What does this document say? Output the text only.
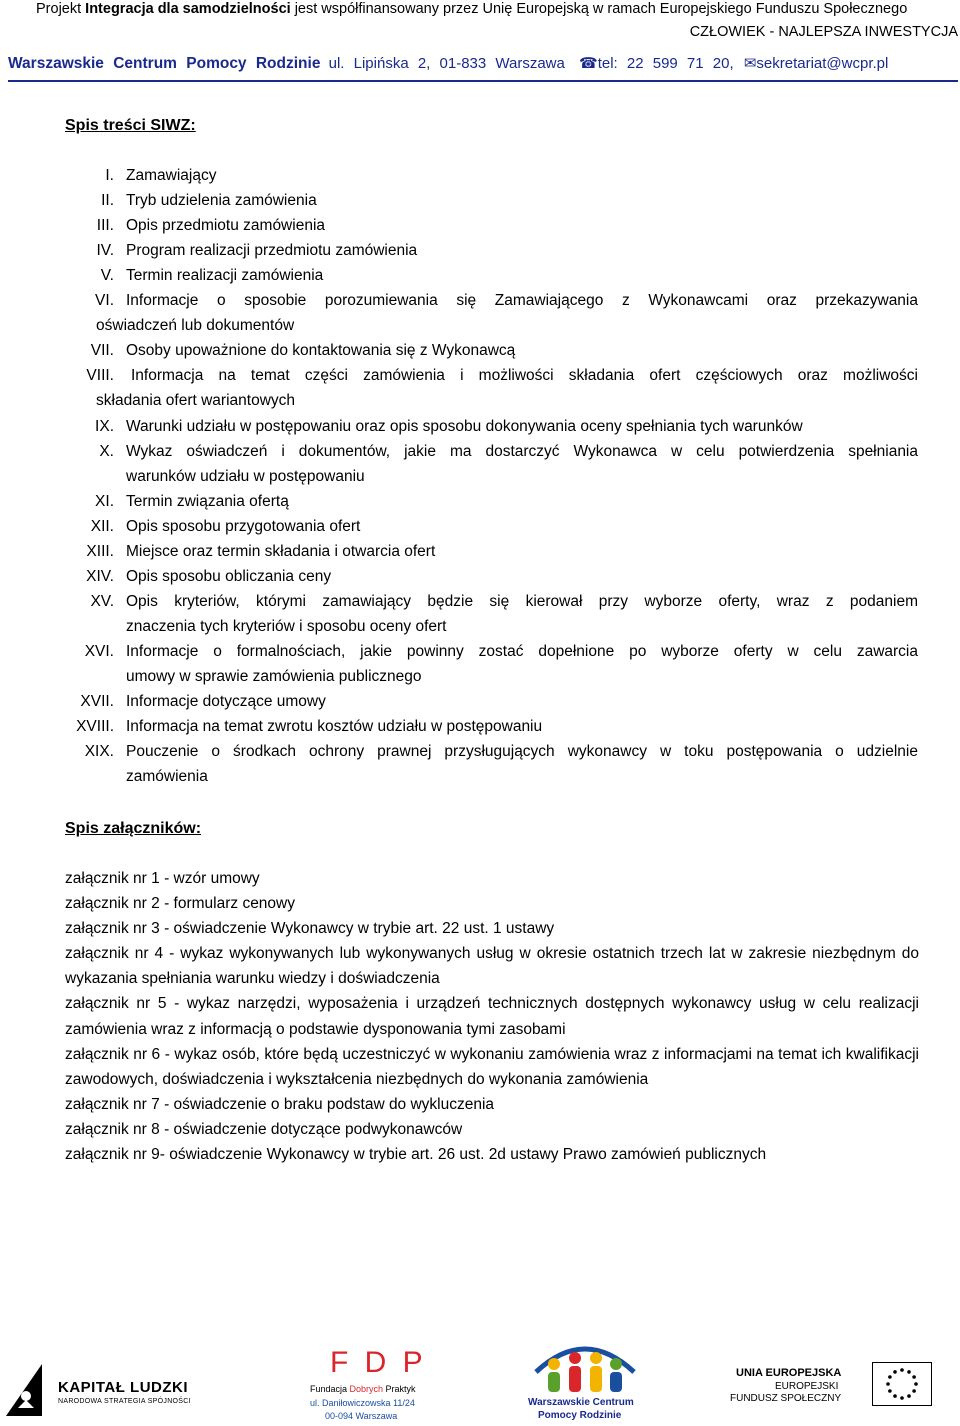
Projekt Integracja dla samodzielności jest współfinansowany przez Unię Europejską w ramach Europejskiego Funduszu Społecznego
CZŁOWIEK - NAJLEPSZA INWESTYCJA
Warszawskie Centrum Pomocy Rodzinie ul. Lipińska 2, 01-833 Warszawa ☎tel: 22 599 71 20, ✉sekretariat@wcpr.pl
Spis treści SIWZ:
I. Zamawiający
II. Tryb udzielenia zamówienia
III. Opis przedmiotu zamówienia
IV. Program realizacji przedmiotu zamówienia
V. Termin realizacji zamówienia
VI. Informacje o sposobie porozumiewania się Zamawiającego z Wykonawcami oraz przekazywania
oświadczeń lub dokumentów
VII. Osoby upoważnione do kontaktowania się z Wykonawcą
VIII. Informacja na temat części zamówienia i możliwości składania ofert częściowych oraz możliwości
składania ofert wariantowych
IX. Warunki udziału w postępowaniu oraz opis sposobu dokonywania oceny spełniania tych warunków
X. Wykaz oświadczeń i dokumentów, jakie ma dostarczyć Wykonawca w celu potwierdzenia spełniania
warunków udziału w postępowaniu
XI. Termin związania ofertą
XII. Opis sposobu przygotowania ofert
XIII. Miejsce oraz termin składania i otwarcia ofert
XIV. Opis sposobu obliczania ceny
XV. Opis kryteriów, którymi zamawiający będzie się kierował przy wyborze oferty, wraz z podaniem
znaczenia tych kryteriów i sposobu oceny ofert
XVI. Informacje o formalnościach, jakie powinny zostać dopełnione po wyborze oferty w celu zawarcia
umowy w sprawie zamówienia publicznego
XVII. Informacje dotyczące umowy
XVIII. Informacja na temat zwrotu kosztów udziału w postępowaniu
XIX. Pouczenie o środkach ochrony prawnej przysługujących wykonawcy w toku postępowania o udzielnie
zamówienia
Spis załączników:

załącznik nr 1 - wzór umowy

załącznik nr 2 - formularz cenowy

załącznik nr 3 - oświadczenie Wykonawcy w trybie art. 22 ust. 1 ustawy

załącznik nr 4 - wykaz wykonywanych lub wykonywanych usług w okresie ostatnich trzech lat w zakresie niezbędnym do wykazania spełniania warunku wiedzy i doświadczenia

załącznik nr 5 - wykaz narzędzi, wyposażenia i urządzeń technicznych dostępnych wykonawcy usług w celu realizacji zamówienia wraz z informacją o podstawie dysponowania tymi zasobami

załącznik nr 6 - wykaz osób, które będą uczestniczyć w wykonaniu zamówienia wraz z informacjami na temat ich kwalifikacji zawodowych, doświadczenia i wykształcenia niezbędnych do wykonania zamówienia

załącznik nr 7 - oświadczenie o braku podstaw do wykluczenia

załącznik nr 8 - oświadczenie dotyczące podwykonawców

załącznik nr 9- oświadczenie Wykonawcy w trybie art. 26 ust. 2d ustawy Prawo zamówień publicznych

KAPITAŁ LUDZKI
NARODOWA STRATEGIA SPÓJNOŚCI
F D P
Fundacja Dobrych Praktyk
ul. Daniłowiczowska 11/24
00-094 Warszawa
Warszawskie Centrum
Pomocy Rodzinie
UNIA EUROPEJSKA
EUROPEJSKI
FUNDUSZ SPOŁECZNY
